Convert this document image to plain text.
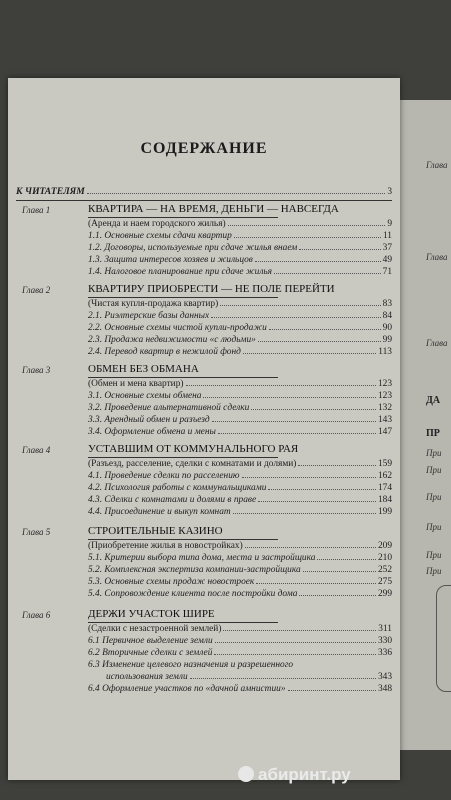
Глава
Глава
Глава
ДА
ПР
При
При
При
При
При
При
СОДЕРЖАНИЕ
К ЧИТАТЕЛЯМ	3
Глава 1	КВАРТИРА — НА ВРЕМЯ, ДЕНЬГИ — НАВСЕГДА
(Аренда и наем городского жилья)	9
1.1. Основные схемы сдачи квартир	11
1.2. Договоры, используемые при сдаче жилья внаем	37
1.3. Защита интересов хозяев и жильцов	49
1.4. Налоговое планирование при сдаче жилья	71
Глава 2	КВАРТИРУ ПРИОБРЕСТИ — НЕ ПОЛЕ ПЕРЕЙТИ
(Чистая купля-продажа квартир)	83
2.1. Риэлтерские базы данных	84
2.2. Основные схемы чистой купли-продажи	90
2.3. Продажа недвижимости «с людьми»	99
2.4. Перевод квартир в нежилой фонд	113
Глава 3	ОБМЕН БЕЗ ОБМАНА
(Обмен и мена квартир)	123
3.1. Основные схемы обмена	123
3.2. Проведение альтернативной сделки	132
3.3. Арендный обмен и разъезд	143
3.4. Оформление обмена и мены	147
Глава 4	УСТАВШИМ ОТ КОММУНАЛЬНОГО РАЯ
(Разъезд, расселение, сделки с комнатами и долями)	159
4.1. Проведение сделки по расселению	162
4.2. Психология работы с коммунальщиками	174
4.3. Сделки с комнатами и долями в праве	184
4.4. Присоединение и выкуп комнат	199
Глава 5	СТРОИТЕЛЬНЫЕ КАЗИНО
(Приобретение жилья в новостройках)	209
5.1. Критерии выбора типа дома, места и застройщика	210
5.2. Комплексная экспертиза компании-застройщика	252
5.3. Основные схемы продаж новостроек	275
5.4. Сопровождение клиента после постройки дома	299
Глава 6	ДЕРЖИ УЧАСТОК ШИРЕ
(Сделки с незастроенной землей)	311
6.1 Первичное выделение земли	330
6.2 Вторичные сделки с землей	336
6.3 Изменение целевого назначения и разрешенного
использования земли	343
6.4 Оформление участков по «дачной амнистии»	348
абиринт.ру
